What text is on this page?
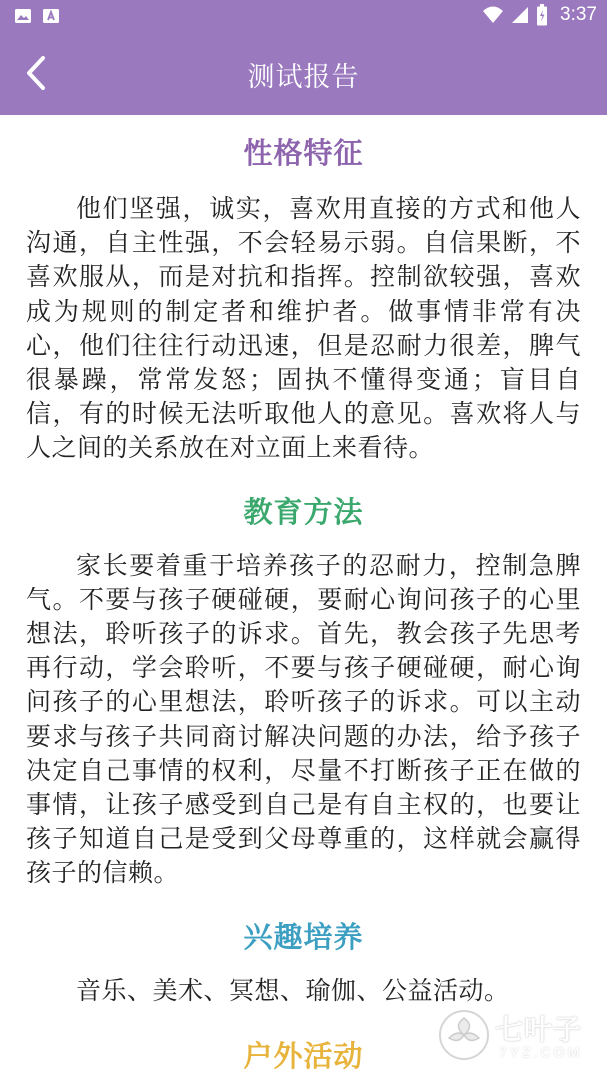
3:37
测试报告
性格特征

他们坚强，诚实，喜欢用直接的方式和他人沟通，自主性强，不会轻易示弱。自信果断，不喜欢服从，而是对抗和指挥。控制欲较强，喜欢成为规则的制定者和维护者。做事情非常有决心，他们往往行动迅速，但是忍耐力很差，脾气很暴躁，常常发怒；固执不懂得变通；盲目自信，有的时候无法听取他人的意见。喜欢将人与人之间的关系放在对立面上来看待。

教育方法

家长要着重于培养孩子的忍耐力，控制急脾气。不要与孩子硬碰硬，要耐心询问孩子的心里想法，聆听孩子的诉求。首先，教会孩子先思考再行动，学会聆听，不要与孩子硬碰硬，耐心询问孩子的心里想法，聆听孩子的诉求。可以主动要求与孩子共同商讨解决问题的办法，给予孩子决定自己事情的权利，尽量不打断孩子正在做的事情，让孩子感受到自己是有自主权的，也要让孩子知道自己是受到父母尊重的，这样就会赢得孩子的信赖。

兴趣培养

音乐、美术、冥想、瑜伽、公益活动。

户外活动
七叶子
7YZ.COM
